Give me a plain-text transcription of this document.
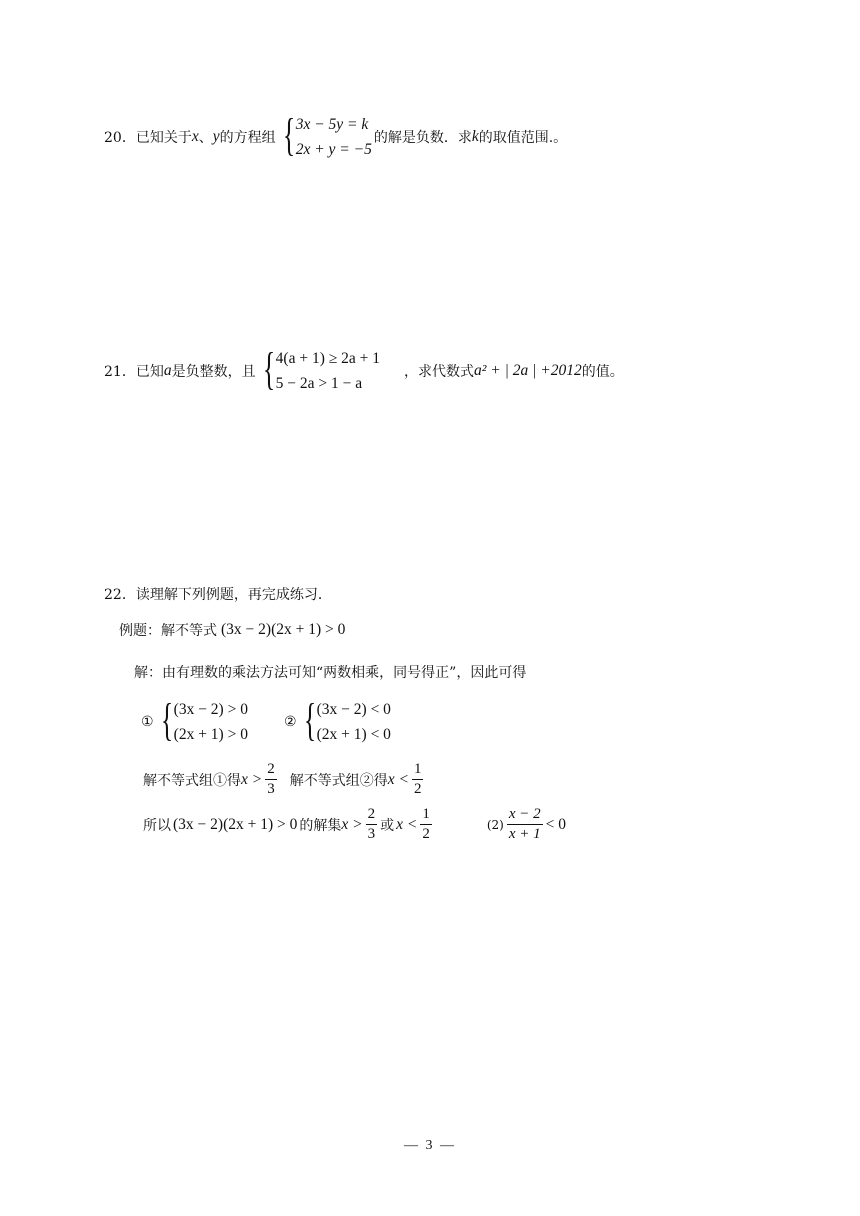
20． 已知关于 x 、 y 的方程组 { 3x − 5y = k
2x + y = −5
的解是负数．求 k 的取值范围.。
21． 已知 a 是负整数，且 { 4(a + 1) ≥ 2a + 1
5 − 2a > 1 − a
，求代数式 a² + | 2a | +2012 的值。
22． 读理解下列例题，再完成练习．
例题：解不等式 (3x − 2)(2x + 1) > 0
解：由有理数的乘法方法可知“两数相乘，同号得正”，因此可得
① { (3x − 2) > 0
(2x + 1) > 0
② { (3x − 2) < 0
(2x + 1) < 0
解不等式组①得 $x > \frac{2}{3}$ 解不等式组②得 $x < \frac{1}{2}$
所以 (3x − 2)(2x + 1) > 0 的解集 $x > \frac{2}{3}$ 或 $x < \frac{1}{2}$	$(2) \frac{x - 2}{x + 1} < 0$
— 3 —
